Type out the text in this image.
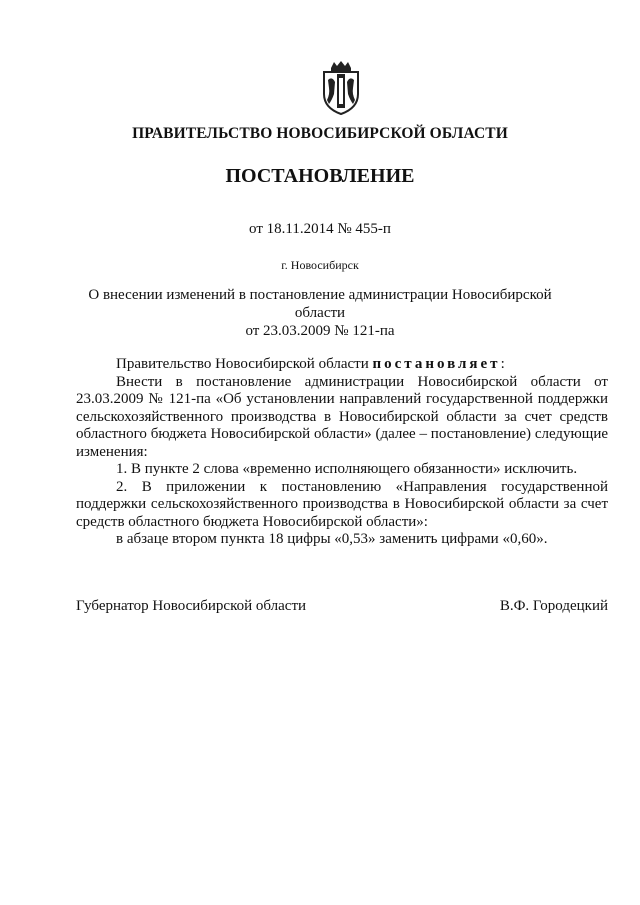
ПРАВИТЕЛЬСТВО НОВОСИБИРСКОЙ ОБЛАСТИ
ПОСТАНОВЛЕНИЕ
от 18.11.2014 № 455-п
г. Новосибирск
О внесении изменений в постановление администрации Новосибирской области
от 23.03.2009 № 121-па

Правительство Новосибирской области постановляет:

Внести в постановление администрации Новосибирской области от 23.03.2009 № 121-па «Об установлении направлений государственной поддержки сельскохозяйственного производства в Новосибирской области за счет средств областного бюджета Новосибирской области» (далее – постановление) следующие изменения:

1. В пункте 2 слова «временно исполняющего обязанности» исключить.

2. В приложении к постановлению «Направления государственной поддержки сельскохозяйственного производства в Новосибирской области за счет средств областного бюджета Новосибирской области»:

в абзаце втором пункта 18 цифры «0,53» заменить цифрами «0,60».

Губернатор Новосибирской области	В.Ф. Городецкий
